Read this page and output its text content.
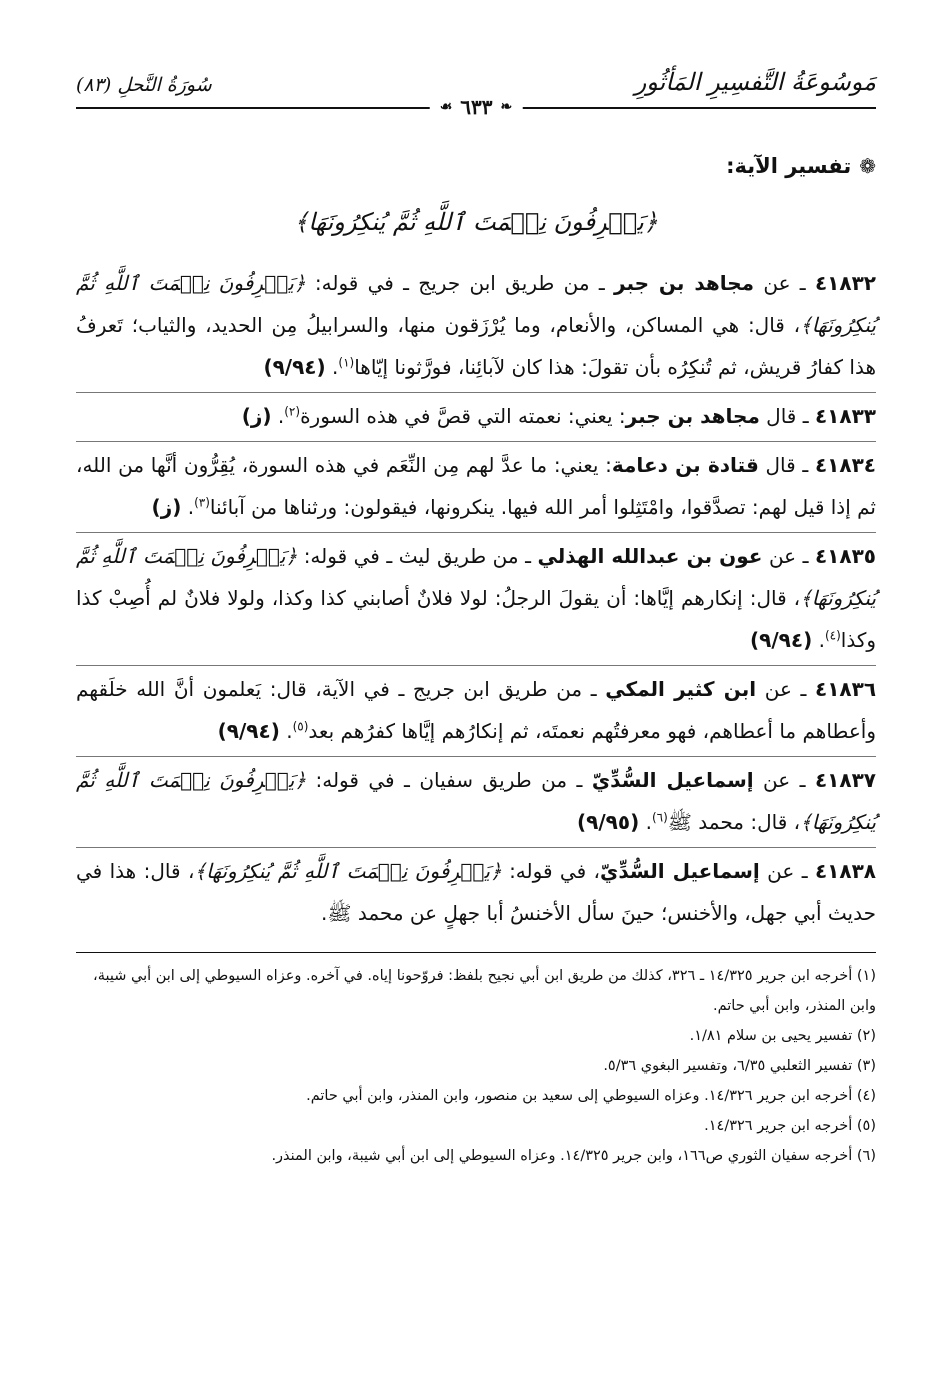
مَوسُوعَةُ التَّفسِيرِ المَأثُورِ
سُورَةُ النَّحلِ (٨٣)
❧
٦٣٣
☙
❁
تفسير الآية:
﴿يَعۡرِفُونَ نِعۡمَتَ ٱللَّهِ ثُمَّ يُنكِرُونَهَا﴾

٤١٨٣٢ ـ عن مجاهد بن جبر ـ من طريق ابن جريج ـ في قوله: ﴿يَعۡرِفُونَ نِعۡمَتَ ٱللَّهِ ثُمَّ يُنكِرُونَهَا﴾، قال: هي المساكن، والأنعام، وما يُرْزَقون منها، والسرابيلُ مِن الحديد، والثياب؛ تَعرفُ هذا كفارُ قريش، ثم تُنكِرُه بأن تقولَ: هذا كان لآبائِنا، فورَّثونا إيّاها$^{(١)}$. (٩/٩٤)

٤١٨٣٣ ـ قال مجاهد بن جبر: يعني: نعمته التي قصَّ في هذه السورة$^{(٢)}$. (ز)

٤١٨٣٤ ـ قال قتادة بن دعامة: يعني: ما عدَّ لهم مِن النِّعَم في هذه السورة، يُقِرُّون أنَّها من الله، ثم إذا قيل لهم: تصدَّقوا، وامْتَثِلوا أمر الله فيها. ينكرونها، فيقولون: ورثناها من آبائنا$^{(٣)}$. (ز)

٤١٨٣٥ ـ عن عون بن عبدالله الهذلي ـ من طريق ليث ـ في قوله: ﴿يَعۡرِفُونَ نِعۡمَتَ ٱللَّهِ ثُمَّ يُنكِرُونَهَا﴾، قال: إنكارهم إيَّاها: أن يقولَ الرجلُ: لولا فلانٌ أصابني كذا وكذا، ولولا فلانٌ لم أُصِبْ كذا وكذا$^{(٤)}$. (٩/٩٤)

٤١٨٣٦ ـ عن ابن كثير المكي ـ من طريق ابن جريج ـ في الآية، قال: يَعلمون أنَّ الله خلَقهم وأعطاهم ما أعطاهم، فهو معرفتُهم نعمتَه، ثم إنكارُهم إيَّاها كفرُهم بعد$^{(٥)}$. (٩/٩٤)

٤١٨٣٧ ـ عن إسماعيل السُّدِّيّ ـ من طريق سفيان ـ في قوله: ﴿يَعۡرِفُونَ نِعۡمَتَ ٱللَّهِ ثُمَّ يُنكِرُونَهَا﴾، قال: محمد ﷺ$^{(٦)}$. (٩/٩٥)

٤١٨٣٨ ـ عن إسماعيل السُّدِّيّ، في قوله: ﴿يَعۡرِفُونَ نِعۡمَتَ ٱللَّهِ ثُمَّ يُنكِرُونَهَا﴾، قال: هذا في حديث أبي جهل، والأخنس؛ حينَ سأل الأخنسُ أبا جهلٍ عن محمد ﷺ.

(١) أخرجه ابن جرير ١٤/٣٢٥ ـ ٣٢٦، كذلك من طريق ابن أبي نجيح بلفظ: فروّحونا إياه. في آخره. وعزاه السيوطي إلى ابن أبي شيبة، وابن المنذر، وابن أبي حاتم.

(٢) تفسير يحيى بن سلام ١/٨١.

(٣) تفسير الثعلبي ٦/٣٥، وتفسير البغوي ٥/٣٦.

(٤) أخرجه ابن جرير ١٤/٣٢٦. وعزاه السيوطي إلى سعيد بن منصور، وابن المنذر، وابن أبي حاتم.

(٥) أخرجه ابن جرير ١٤/٣٢٦.

(٦) أخرجه سفيان الثوري ص١٦٦، وابن جرير ١٤/٣٢٥. وعزاه السيوطي إلى ابن أبي شيبة، وابن المنذر.
